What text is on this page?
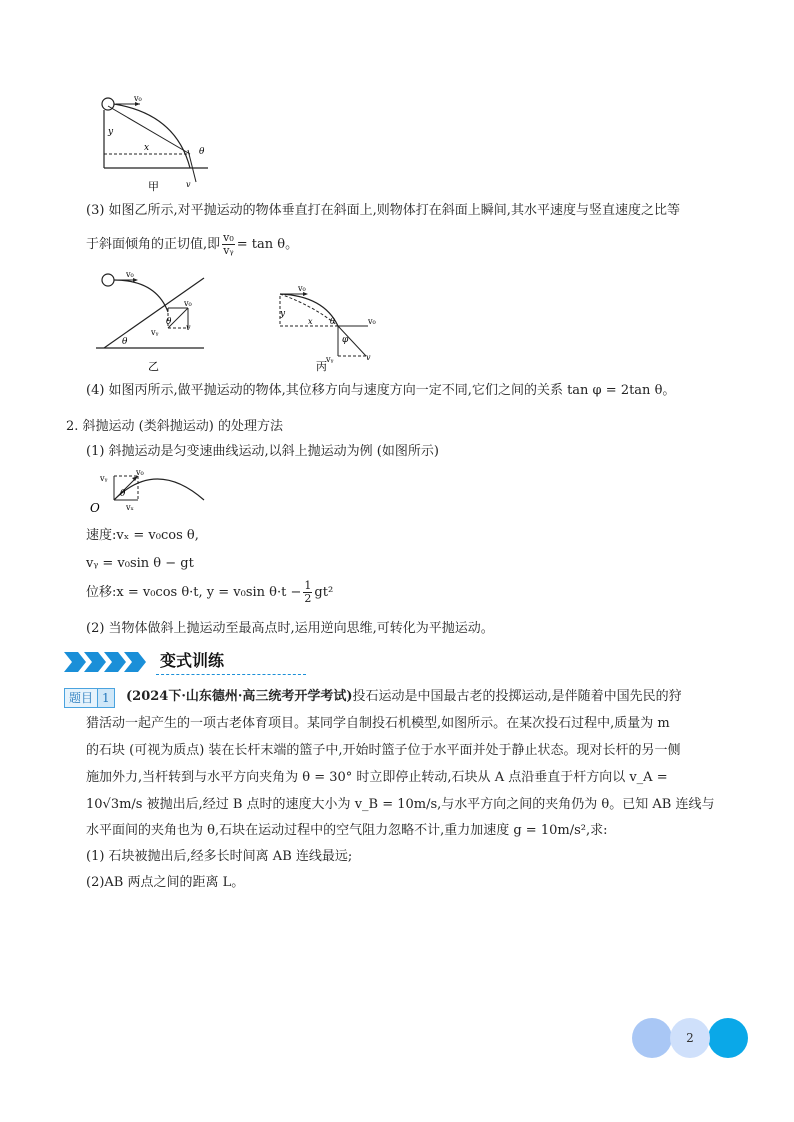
v₀
y
x	θ
v
甲
(3) 如图乙所示,对平抛运动的物体垂直打在斜面上,则物体打在斜面上瞬间,其水平速度与竖直速度之比等
于斜面倾角的正切值,即 $\frac{\text{v₀}}{\text{vᵧ}} = \tan \theta$。
v₀
v₀
θ
vᵧ
v
θ
乙
v₀
y
x θ	v₀
φ
vᵧ	v
丙
(4) 如图丙所示,做平抛运动的物体,其位移方向与速度方向一定不同,它们之间的关系 tan φ = 2tan θ。
2. 斜抛运动 (类斜抛运动) 的处理方法
(1) 斜抛运动是匀变速曲线运动,以斜上抛运动为例 (如图所示)
vᵧ
v₀
θ
O	vₓ
速度:vₓ = v₀cos θ,
vᵧ = v₀sin θ − gt
位移:x = v₀cos θ·t, y = v₀sin $\theta\cdot t - \frac{1}{2} gt^2$
(2) 当物体做斜上抛运动至最高点时,运用逆向思维,可转化为平抛运动。
变式训练
题目 1	(2024下·山东德州·高三统考开学考试)投石运动是中国最古老的投掷运动,是伴随着中国先民的狩
猎活动一起产生的一项古老体育项目。某同学自制投石机模型,如图所示。在某次投石过程中,质量为 m
的石块 (可视为质点) 装在长杆末端的篮子中,开始时篮子位于水平面并处于静止状态。现对长杆的另一侧
施加外力,当杆转到与水平方向夹角为 θ = 30° 时立即停止转动,石块从 A 点沿垂直于杆方向以 v_A =
10√3m/s 被抛出后,经过 B 点时的速度大小为 v_B = 10m/s,与水平方向之间的夹角仍为 θ。已知 AB 连线与
水平面间的夹角也为 θ,石块在运动过程中的空气阻力忽略不计,重力加速度 g = 10m/s²,求:
(1) 石块被抛出后,经多长时间离 AB 连线最远;
(2)AB 两点之间的距离 L。
2
